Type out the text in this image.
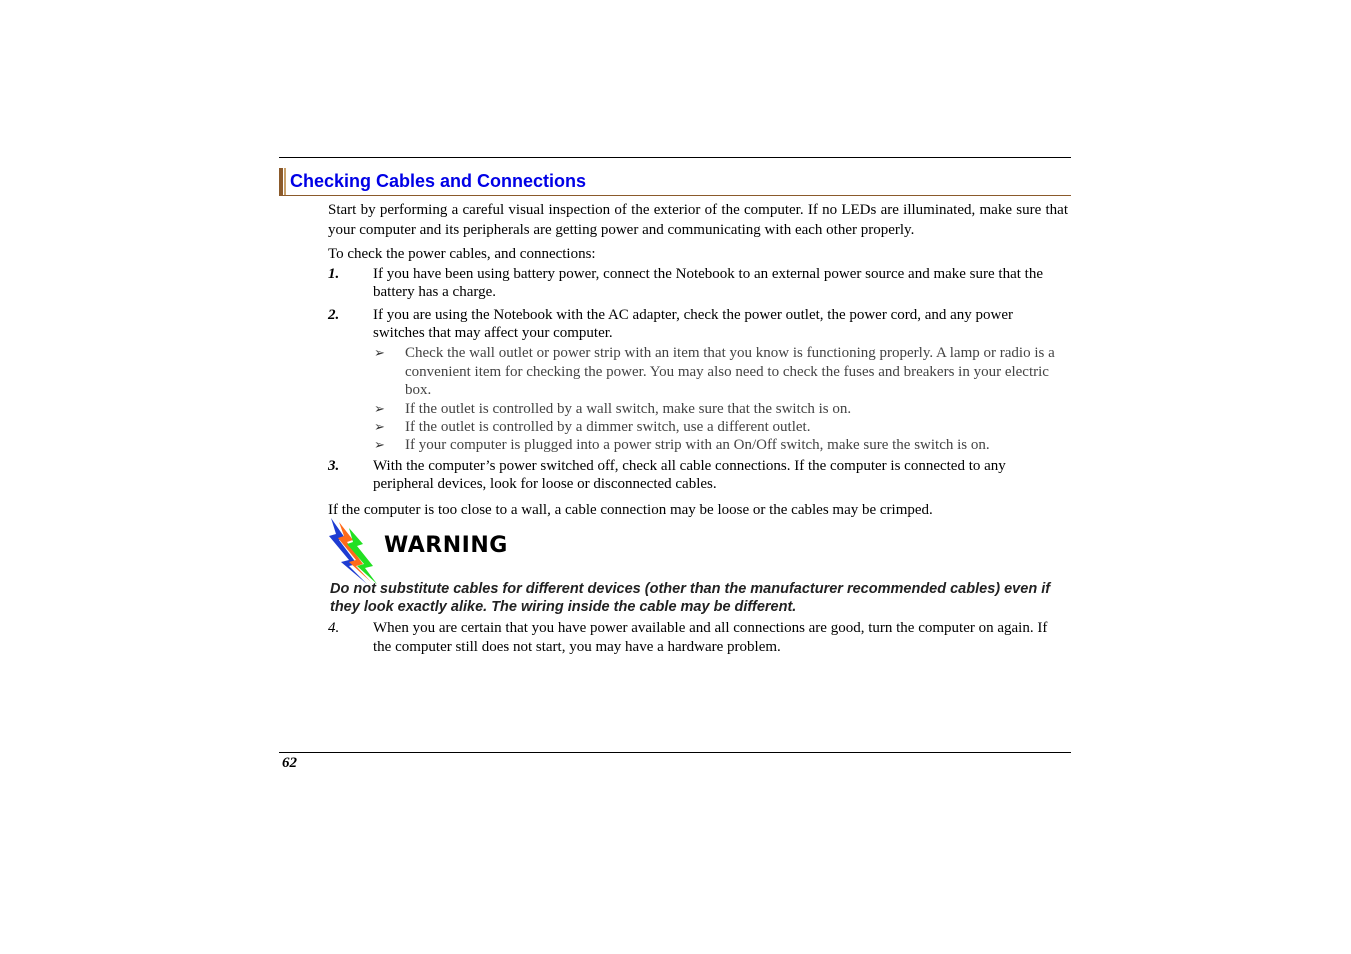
Checking Cables and Connections

Start by performing a careful visual inspection of the exterior of the computer. If no LEDs are illuminated, make sure that your computer and its peripherals are getting power and communicating with each other properly.

To check the power cables, and connections:

1. If you have been using battery power, connect the Notebook to an external power source and make sure that the battery has a charge.

2. If you are using the Notebook with the AC adapter, check the power outlet, the power cord, and any power switches that may affect your computer.

➢ Check the wall outlet or power strip with an item that you know is functioning properly. A lamp or radio is a convenient item for checking the power. You may also need to check the fuses and breakers in your electric box.

➢ If the outlet is controlled by a wall switch, make sure that the switch is on.

➢ If the outlet is controlled by a dimmer switch, use a different outlet.

➢ If your computer is plugged into a power strip with an On/Off switch, make sure the switch is on.

3. With the computer’s power switched off, check all cable connections. If the computer is connected to any peripheral devices, look for loose or disconnected cables.

If the computer is too close to a wall, a cable connection may be loose or the cables may be crimped.

WARNING

Do not substitute cables for different devices (other than the manufacturer recommended cables) even if they look exactly alike. The wiring inside the cable may be different.

4. When you are certain that you have power available and all connections are good, turn the computer on again. If the computer still does not start, you may have a hardware problem.

62
